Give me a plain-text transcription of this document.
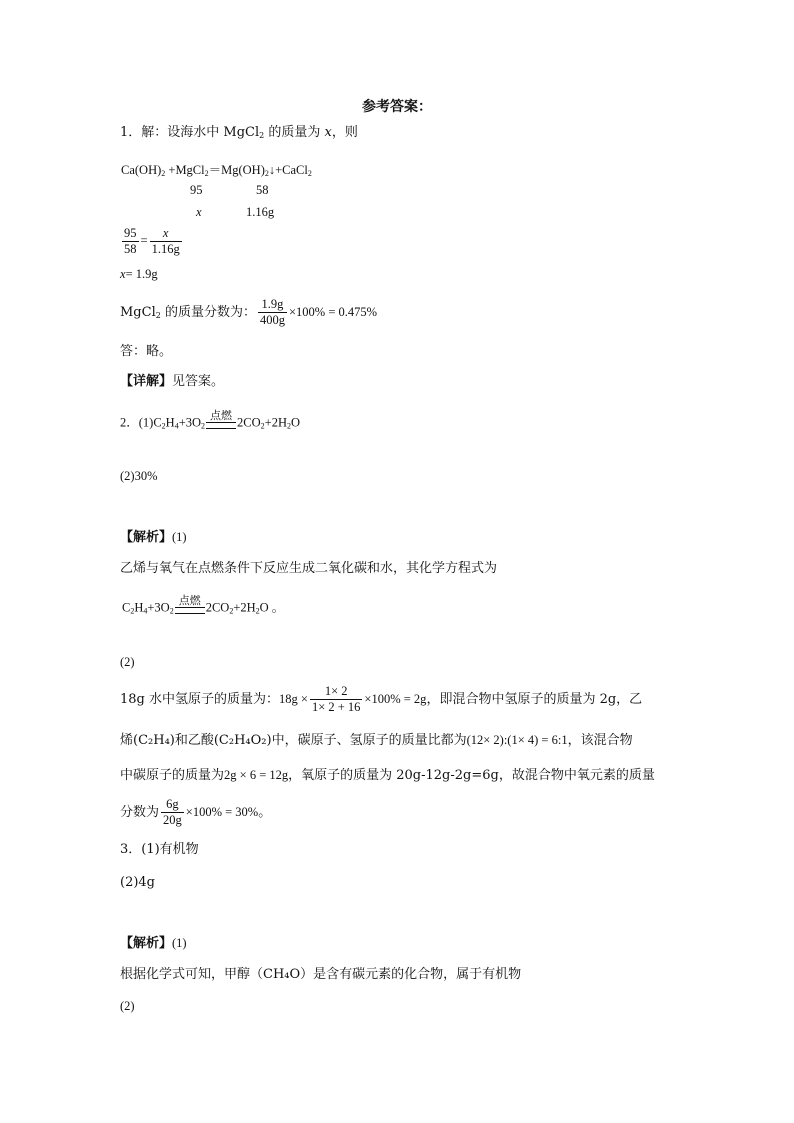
参考答案：
1．解：设海水中 MgCl$_2$ 的质量为 x，则
$Ca(OH)_2$ $+MgCl_2=Mg(OH)_2↓+CaCl_2$
95	58
x	1.16g
$\frac{95}{58} = \frac{x}{1.16g}$
x= 1.9g
MgCl$_2$ 的质量分数为： $\frac{1.9g}{400g} \times 100\% = 0.475\%$
答：略。
【详解】见答案。
2．$(1)C_2H_4+3O_2$
点燃 $2CO_2+2H_2O$
(2)30%
【解析】(1)
乙烯与氧气在点燃条件下反应生成二氧化碳和水，其化学方程式为
$C_2H_4+3O_2$
点燃 $2CO_2+2H_2O$ 。
(2)
18g 水中氢原子的质量为：$18g \times \frac{1\times 2}{1\times 2 + 16} \times 100\% = 2g$，即混合物中氢原子的质量为 2g，乙
烯(C₂H₄)和乙酸(C₂H₄O₂)中，碳原子、氢原子的质量比都为(12× 2):(1× 4) = 6:1，该混合物
中碳原子的质量为2g × 6 = 12g，氧原子的质量为 20g-12g-2g=6g，故混合物中氧元素的质量
分数为 $\frac{6g}{20g} \times 100\% = 30\%$。
3．(1)有机物
(2)4g
【解析】(1)
根据化学式可知，甲醇（CH₄O）是含有碳元素的化合物，属于有机物
(2)
